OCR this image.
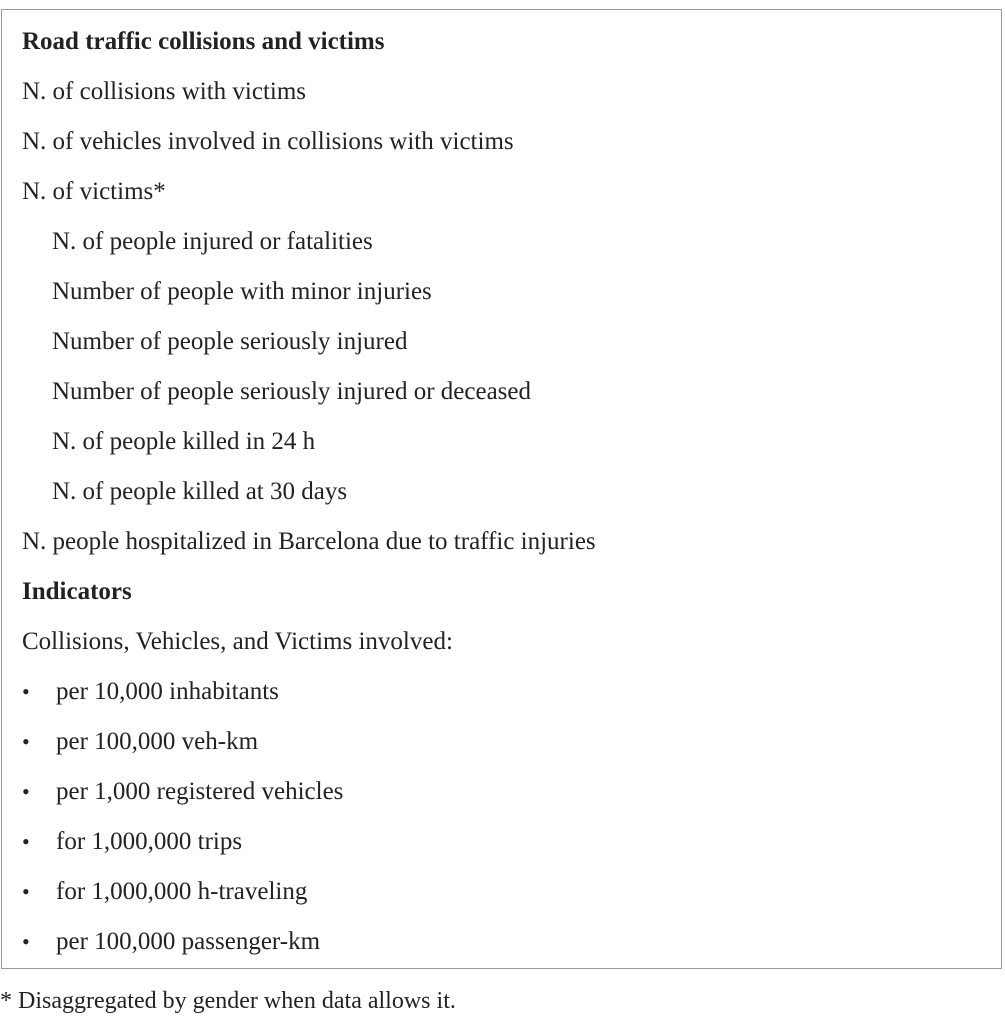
Road traffic collisions and victims
N. of collisions with victims
N. of vehicles involved in collisions with victims
N. of victims*
N. of people injured or fatalities
Number of people with minor injuries
Number of people seriously injured
Number of people seriously injured or deceased
N. of people killed in 24 h
N. of people killed at 30 days
N. people hospitalized in Barcelona due to traffic injuries
Indicators
Collisions, Vehicles, and Victims involved:
• per 10,000 inhabitants
• per 100,000 veh-km
• per 1,000 registered vehicles
• for 1,000,000 trips
• for 1,000,000 h-traveling
• per 100,000 passenger-km
* Disaggregated by gender when data allows it.
